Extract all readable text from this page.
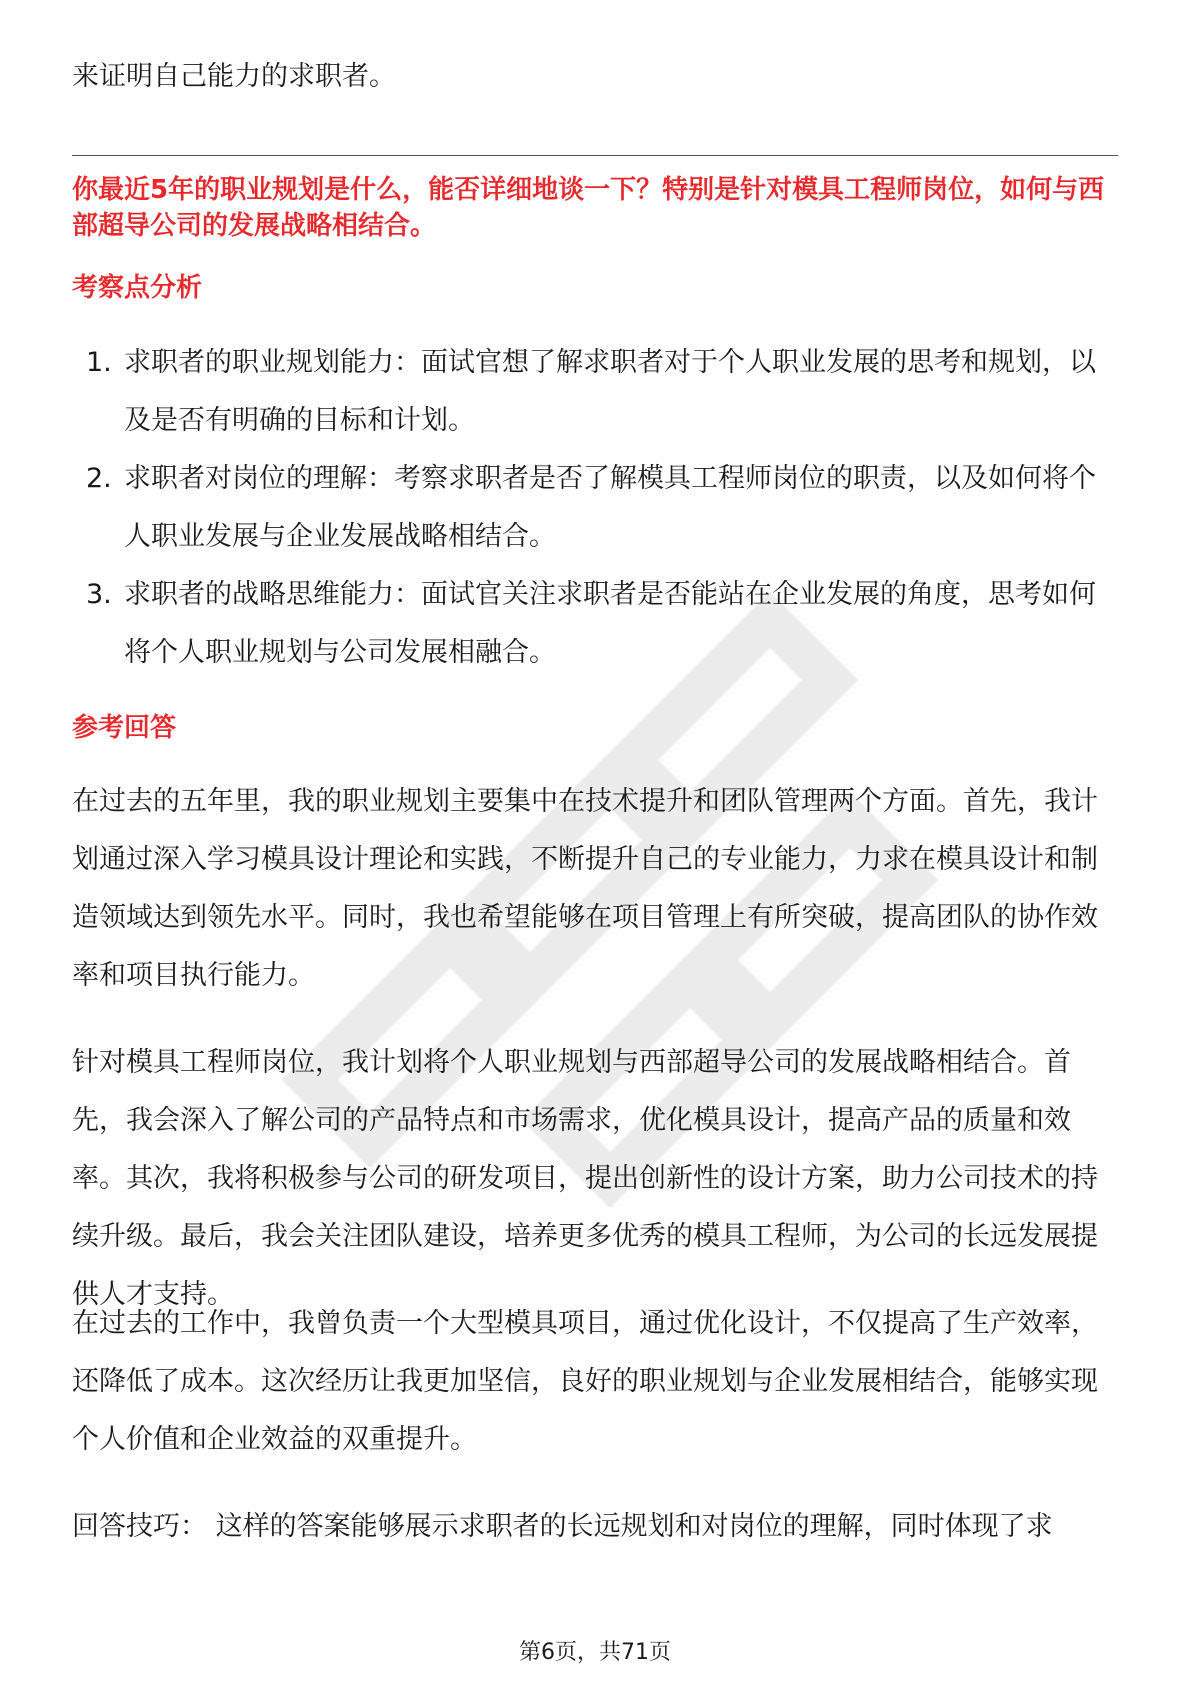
来证明自己能力的求职者。

你最近5年的职业规划是什么，能否详细地谈一下？特别是针对模具工程师岗位，如何与西部超导公司的发展战略相结合。

考察点分析
1. 求职者的职业规划能力：面试官想了解求职者对于个人职业发展的思考和规划，以及是否有明确的目标和计划。
2. 求职者对岗位的理解：考察求职者是否了解模具工程师岗位的职责，以及如何将个人职业发展与企业发展战略相结合。
3. 求职者的战略思维能力：面试官关注求职者是否能站在企业发展的角度，思考如何将个人职业规划与公司发展相融合。
参考回答

在过去的五年里，我的职业规划主要集中在技术提升和团队管理两个方面。首先，我计划通过深入学习模具设计理论和实践，不断提升自己的专业能力，力求在模具设计和制造领域达到领先水平。同时，我也希望能够在项目管理上有所突破，提高团队的协作效率和项目执行能力。

针对模具工程师岗位，我计划将个人职业规划与西部超导公司的发展战略相结合。首先，我会深入了解公司的产品特点和市场需求，优化模具设计，提高产品的质量和效率。其次，我将积极参与公司的研发项目，提出创新性的设计方案，助力公司技术的持续升级。最后，我会关注团队建设，培养更多优秀的模具工程师，为公司的长远发展提供人才支持。

在过去的工作中，我曾负责一个大型模具项目，通过优化设计，不仅提高了生产效率，还降低了成本。这次经历让我更加坚信，良好的职业规划与企业发展相结合，能够实现个人价值和企业效益的双重提升。

回答技巧： 这样的答案能够展示求职者的长远规划和对岗位的理解，同时体现了求

第6页，共71页
